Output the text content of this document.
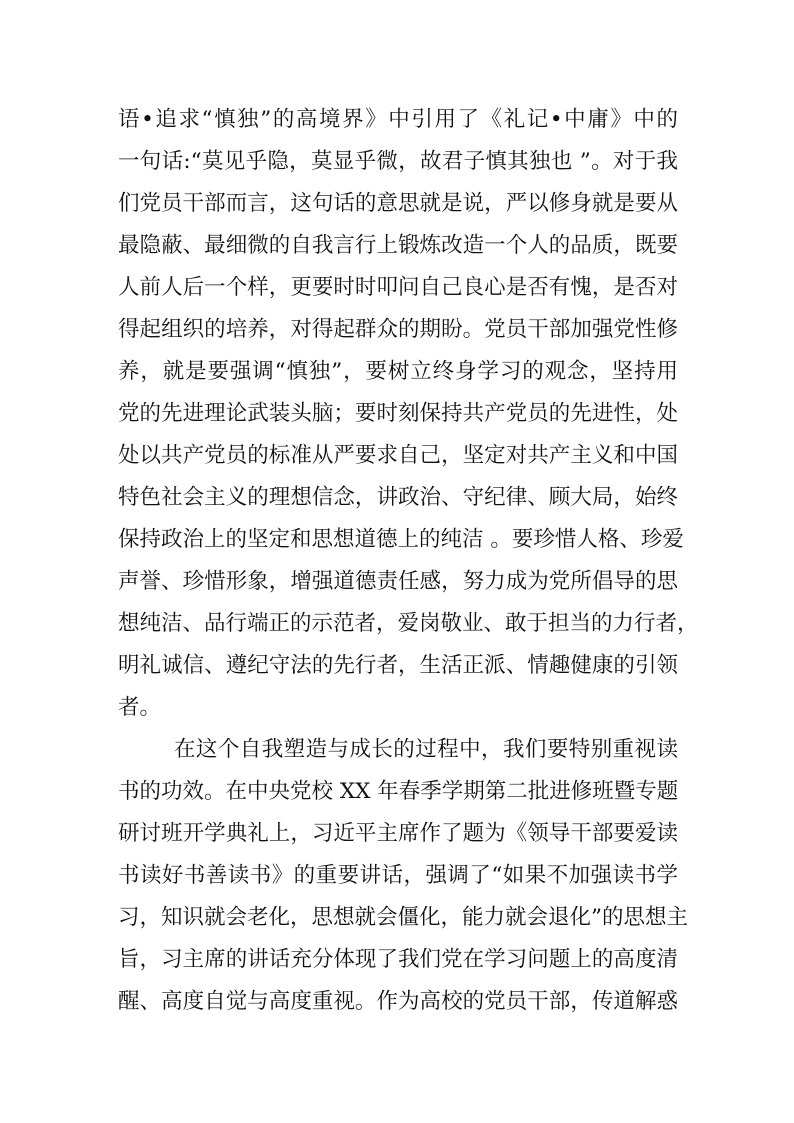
语•追求“慎独”的高境界》中引用了《礼记•中庸》中的
一句话:“莫见乎隐，莫显乎微，故君子慎其独也 ”。对于我
们党员干部而言，这句话的意思就是说，严以修身就是要从
最隐蔽、最细微的自我言行上锻炼改造一个人的品质，既要
人前人后一个样，更要时时叩问自己良心是否有愧，是否对
得起组织的培养，对得起群众的期盼。党员干部加强党性修
养，就是要强调“慎独”，要树立终身学习的观念，坚持用
党的先进理论武装头脑；要时刻保持共产党员的先进性，处
处以共产党员的标准从严要求自己，坚定对共产主义和中国
特色社会主义的理想信念，讲政治、守纪律、顾大局，始终
保持政治上的坚定和思想道德上的纯洁 。要珍惜人格、珍爱
声誉、珍惜形象，增强道德责任感，努力成为党所倡导的思
想纯洁、品行端正的示范者，爱岗敬业、敢于担当的力行者，
明礼诚信、遵纪守法的先行者，生活正派、情趣健康的引领
者。
在这个自我塑造与成长的过程中，我们要特别重视读
书的功效。在中央党校 XX 年春季学期第二批进修班暨专题
研讨班开学典礼上，习近平主席作了题为《领导干部要爱读
书读好书善读书》的重要讲话，强调了“如果不加强读书学
习，知识就会老化，思想就会僵化，能力就会退化”的思想主
旨，习主席的讲话充分体现了我们党在学习问题上的高度清
醒、高度自觉与高度重视。作为高校的党员干部，传道解惑
